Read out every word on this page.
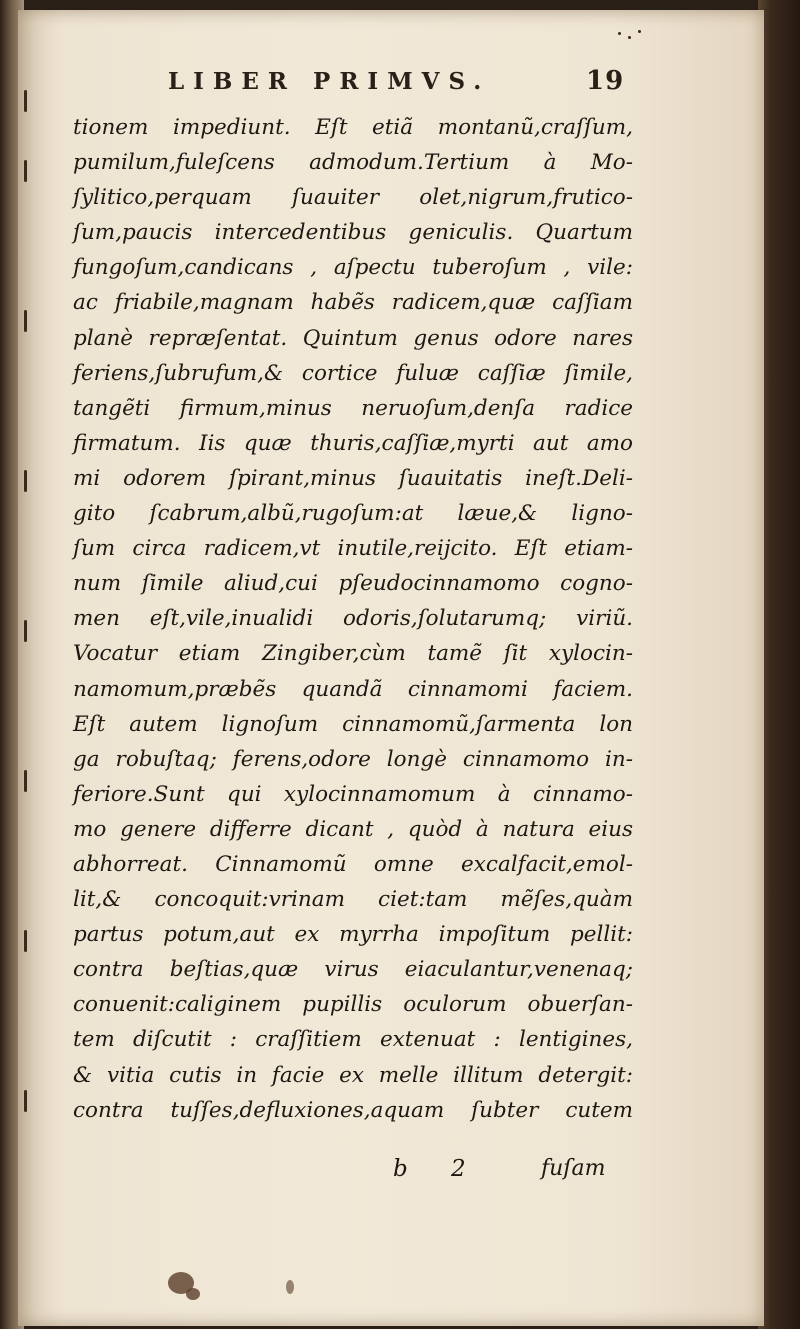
LIBER PRIMVS.	19
tionem impediunt. Eſt etiã montanũ,craſſum,
pumilum,fuleſcens admodum.Tertium à Mo-
ſylitico,perquam ſuauiter olet,nigrum,frutico-
ſum,paucis intercedentibus geniculis. Quartum
fungoſum,candicans , aſpectu tuberoſum , vile:
ac friabile,magnam habẽs radicem,quæ caſſiam
planè repræſentat. Quintum genus odore nares
feriens,ſubrufum,& cortice fuluæ caſſiæ ſimile,
tangẽti firmum,minus neruoſum,denſa radice
firmatum. Iis quæ thuris,caſſiæ,myrti aut amo
mi odorem ſpirant,minus ſuauitatis ineſt.Deli-
gito ſcabrum,albũ,rugoſum:at læue,& ligno-
ſum circa radicem,vt inutile,reijcito. Eſt etiam-
num ſimile aliud,cui pſeudocinnamomo cogno-
men eſt,vile,inualidi odoris,ſolutarumq; viriũ.
Vocatur etiam Zingiber,cùm tamẽ ſit xylocin-
namomum,præbẽs quandã cinnamomi faciem.
Eſt autem lignoſum cinnamomũ,ſarmenta lon
ga robuſtaq; ferens,odore longè cinnamomo in-
feriore.Sunt qui xylocinnamomum à cinnamo-
mo genere differre dicant , quòd à natura eius
abhorreat. Cinnamomũ omne excalfacit,emol-
lit,& concoquit:vrinam ciet:tam mẽſes,quàm
partus potum,aut ex myrrha impoſitum pellit:
contra beſtias,quæ virus eiaculantur,venenaq;
conuenit:caliginem pupillis oculorum obuerſan-
tem diſcutit : craſſitiem extenuat : lentigines,
& vitia cutis in facie ex melle illitum detergit:
contra tuſſes,defluxiones,aquam ſubter cutem
b 2	fuſam
